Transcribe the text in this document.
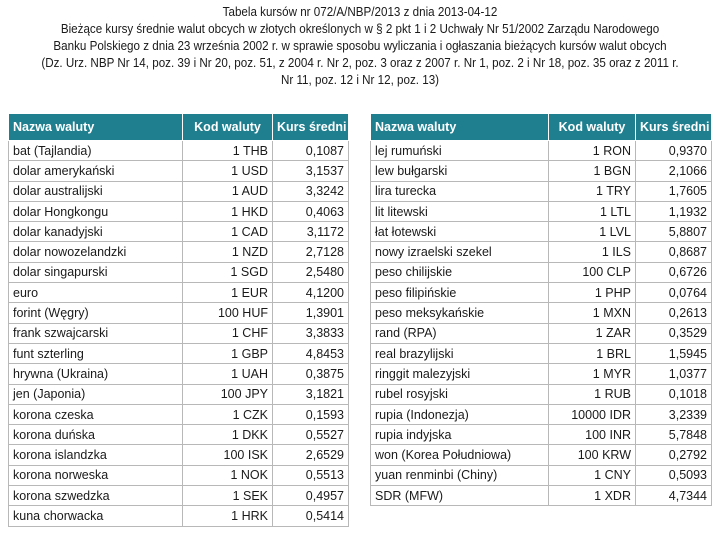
Tabela kursów nr 072/A/NBP/2013 z dnia 2013-04-12
Bieżące kursy średnie walut obcych w złotych określonych w § 2 pkt 1 i 2 Uchwały Nr 51/2002 Zarządu Narodowego
Banku Polskiego z dnia 23 września 2002 r. w sprawie sposobu wyliczania i ogłaszania bieżących kursów walut obcych
(Dz. Urz. NBP Nr 14, poz. 39 i Nr 20, poz. 51, z 2004 r. Nr 2, poz. 3 oraz z 2007 r. Nr 1, poz. 2 i Nr 18, poz. 35 oraz z 2011 r.
Nr 11, poz. 12 i Nr 12, poz. 13)
Nazwa waluty	Kod waluty	Kurs średni
bat (Tajlandia)	1 THB	0,1087
dolar amerykański	1 USD	3,1537
dolar australijski	1 AUD	3,3242
dolar Hongkongu	1 HKD	0,4063
dolar kanadyjski	1 CAD	3,1172
dolar nowozelandzki	1 NZD	2,7128
dolar singapurski	1 SGD	2,5480
euro	1 EUR	4,1200
forint (Węgry)	100 HUF	1,3901
frank szwajcarski	1 CHF	3,3833
funt szterling	1 GBP	4,8453
hrywna (Ukraina)	1 UAH	0,3875
jen (Japonia)	100 JPY	3,1821
korona czeska	1 CZK	0,1593
korona duńska	1 DKK	0,5527
korona islandzka	100 ISK	2,6529
korona norweska	1 NOK	0,5513
korona szwedzka	1 SEK	0,4957
kuna chorwacka	1 HRK	0,5414
Nazwa waluty	Kod waluty	Kurs średni
lej rumuński	1 RON	0,9370
lew bułgarski	1 BGN	2,1066
lira turecka	1 TRY	1,7605
lit litewski	1 LTL	1,1932
łat łotewski	1 LVL	5,8807
nowy izraelski szekel	1 ILS	0,8687
peso chilijskie	100 CLP	0,6726
peso filipińskie	1 PHP	0,0764
peso meksykańskie	1 MXN	0,2613
rand (RPA)	1 ZAR	0,3529
real brazylijski	1 BRL	1,5945
ringgit malezyjski	1 MYR	1,0377
rubel rosyjski	1 RUB	0,1018
rupia (Indonezja)	10000 IDR	3,2339
rupia indyjska	100 INR	5,7848
won (Korea Południowa)	100 KRW	0,2792
yuan renminbi (Chiny)	1 CNY	0,5093
SDR (MFW)	1 XDR	4,7344
